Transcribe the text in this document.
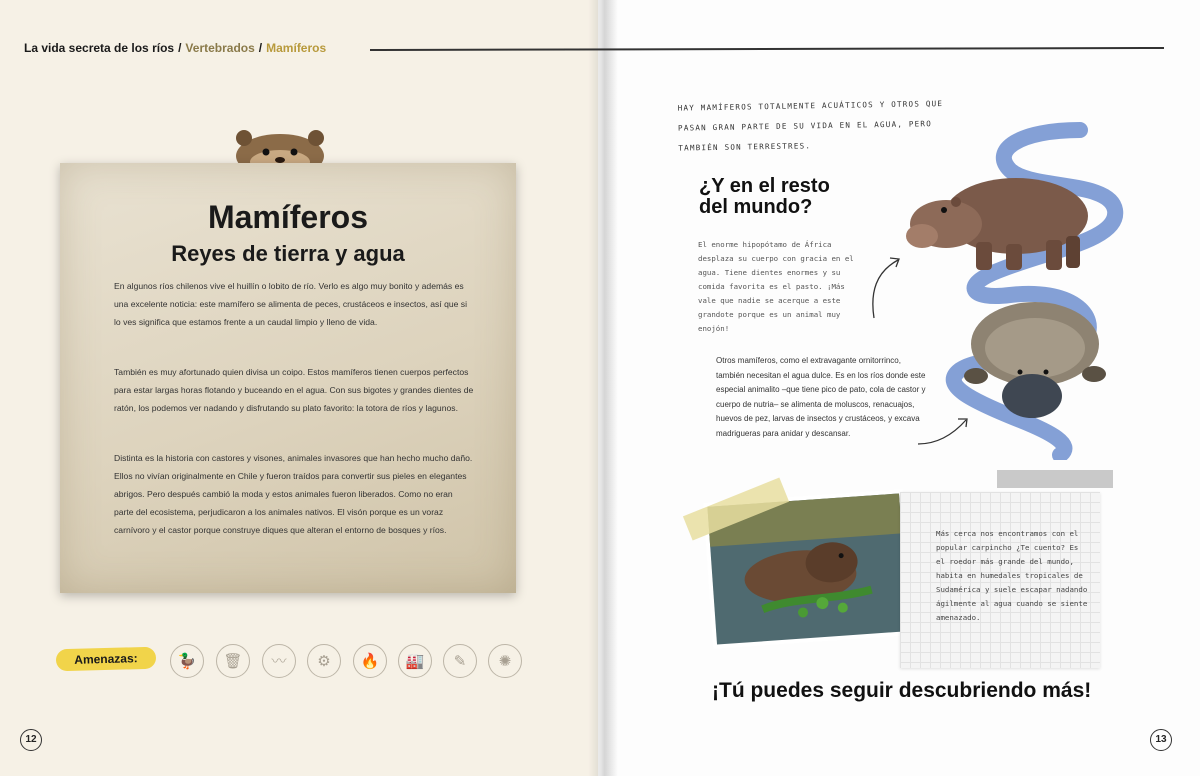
La vida secreta de los ríos / Vertebrados / Mamíferos
Mamíferos
Reyes de tierra y agua
En algunos ríos chilenos vive el huillín o lobito de río. Verlo es algo muy bonito y además es una excelente noticia: este mamífero se alimenta de peces, crustáceos e insectos, así que si lo ves significa que estamos frente a un caudal limpio y lleno de vida.
También es muy afortunado quien divisa un coipo. Estos mamíferos tienen cuerpos perfectos para estar largas horas flotando y buceando en el agua. Con sus bigotes y grandes dientes de ratón, los podemos ver nadando y disfrutando su plato favorito: la totora de ríos y lagunos.
Distinta es la historia con castores y visones, animales invasores que han hecho mucho daño. Ellos no vivían originalmente en Chile y fueron traídos para convertir sus pieles en elegantes abrigos. Pero después cambió la moda y estos animales fueron liberados. Como no eran parte del ecosistema, perjudicaron a los animales nativos. El visón porque es un voraz carnívoro y el castor porque construye diques que alteran el entorno de bosques y ríos.
Amenazas:	🦆	🗑	〰	⚙	🔥	🏭	✎	✺
12
HAY MAMÍFEROS TOTALMENTE ACUÁTICOS Y OTROS QUE PASAN GRAN PARTE DE SU VIDA EN EL AGUA, PERO TAMBIÉN SON TERRESTRES.
¿Y en el resto del mundo?
El enorme hipopótamo de África desplaza su cuerpo con gracia en el agua. Tiene dientes enormes y su comida favorita es el pasto. ¡Más vale que nadie se acerque a este grandote porque es un animal muy enojón!
Otros mamíferos, como el extravagante ornitorrinco, también necesitan el agua dulce. Es en los ríos donde este especial animalito –que tiene pico de pato, cola de castor y cuerpo de nutria– se alimenta de moluscos, renacuajos, huevos de pez, larvas de insectos y crustáceos, y excava madrigueras para anidar y descansar.
Más cerca nos encontramos con el popular carpincho ¿Te cuento? Es el roedor más grande del mundo, habita en humedales tropicales de Sudamérica y suele escapar nadando ágilmente al agua cuando se siente amenazado.
¡Tú puedes seguir descubriendo más!
13
